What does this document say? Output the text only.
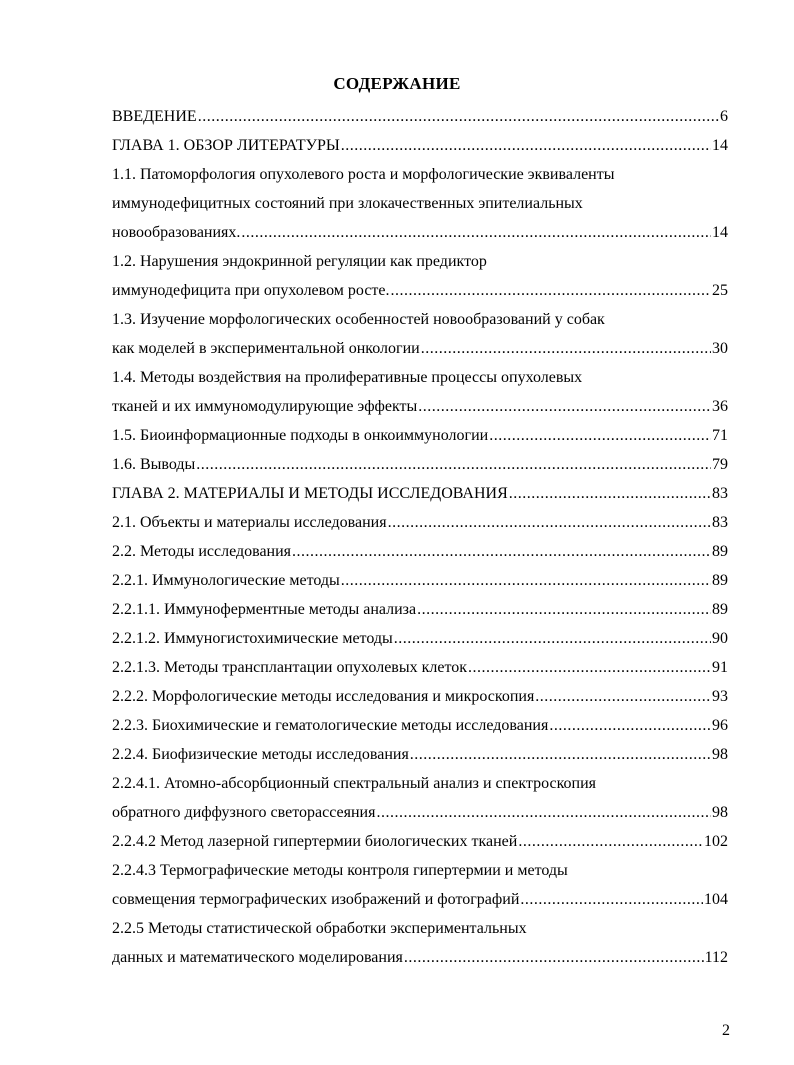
СОДЕРЖАНИЕ
ВВЕДЕНИЕ .....	6
ГЛАВА 1. ОБЗОР ЛИТЕРАТУРЫ .....	14
1.1. Патоморфология опухолевого роста и морфологические эквиваленты
иммунодефицитных состояний при злокачественных эпителиальных
новообразованиях. .....	14
1.2. Нарушения эндокринной регуляции как предиктор
иммунодефицита при опухолевом росте. .....	25
1.3. Изучение морфологических особенностей новообразований у собак
как моделей в экспериментальной онкологии .....	30
1.4. Методы воздействия на пролиферативные процессы опухолевых
тканей и их иммуномодулирующие эффекты .....	36
1.5. Биоинформационные подходы в онкоиммунологии .....	71
1.6. Выводы .....	79
ГЛАВА 2. МАТЕРИАЛЫ И МЕТОДЫ ИССЛЕДОВАНИЯ .....	83
2.1. Объекты и материалы исследования .....	83
2.2. Методы исследования .....	89
2.2.1. Иммунологические методы .....	89
2.2.1.1. Иммуноферментные методы анализа .....	89
2.2.1.2. Иммуногистохимические методы .....	90
2.2.1.3. Методы трансплантации опухолевых клеток .....	91
2.2.2. Морфологические методы исследования и микроскопия .....	93
2.2.3. Биохимические и гематологические методы исследования .....	96
2.2.4. Биофизические методы исследования .....	98
2.2.4.1. Атомно-абсорбционный спектральный анализ и спектроскопия
обратного диффузного светорассеяния .....	98
2.2.4.2 Метод лазерной гипертермии биологических тканей .....	102
2.2.4.3 Термографические методы контроля гипертермии и методы
совмещения термографических изображений и фотографий .....	104
2.2.5 Методы статистической обработки экспериментальных
данных и математического моделирования .....	112
2
